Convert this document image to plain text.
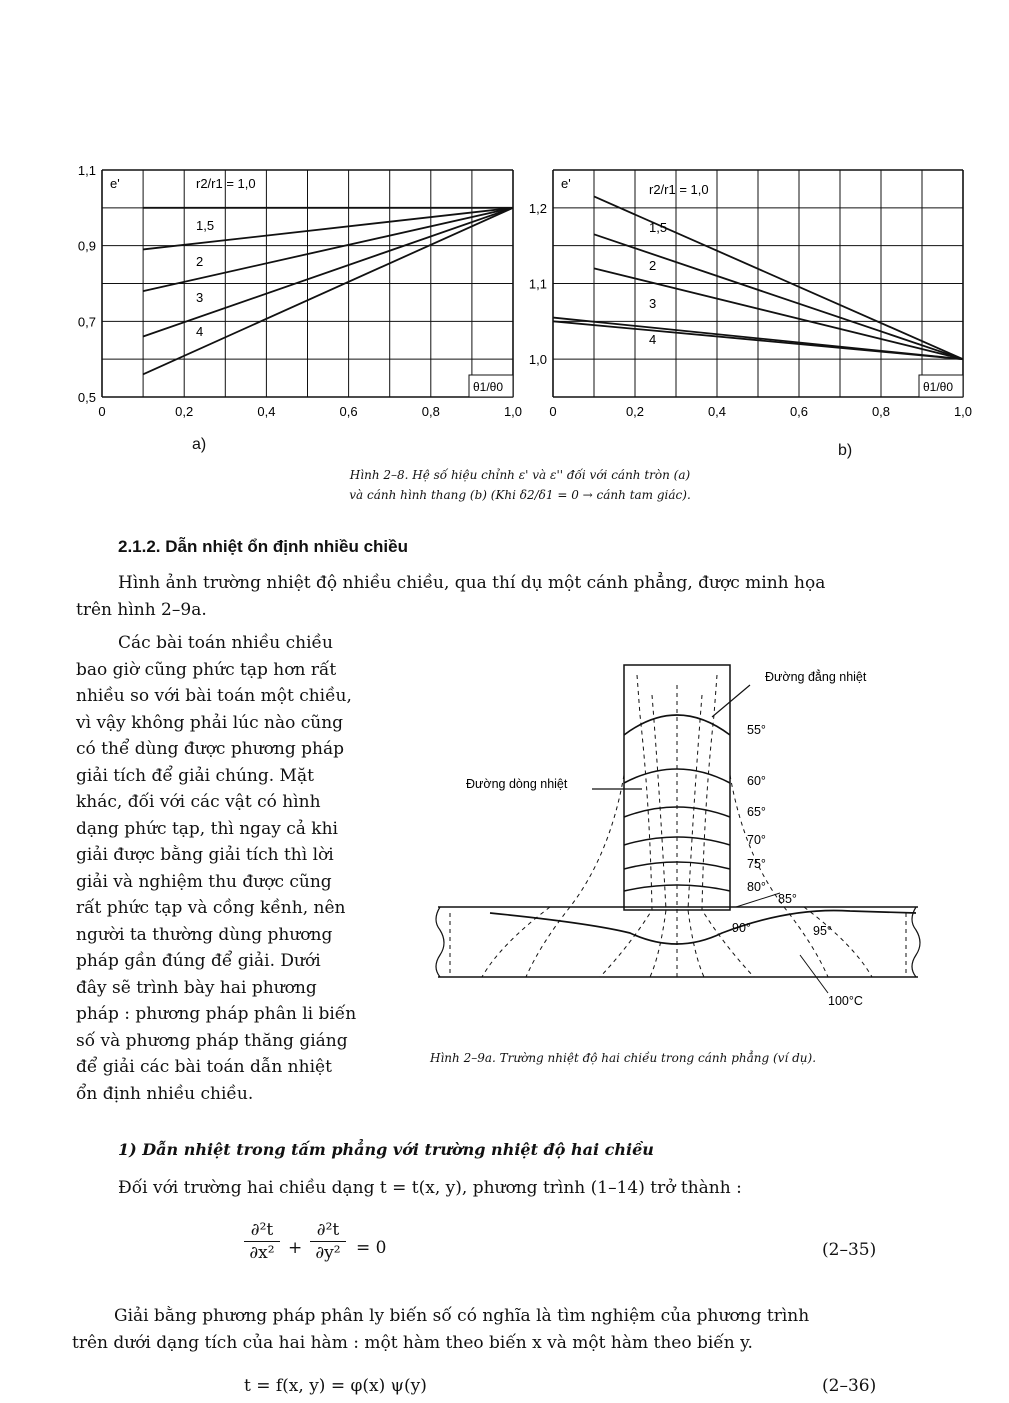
0	0,2	0,4	0,6	0,8	1,0
0,5
0,7
0,9
1,1
e'
θ1/θ0
r2/r1 = 1,0
1,5
2
3
4
0	0,2	0,4	0,6	0,8	1,0
1,0
1,1
1,2
e'
θ1/θ0
r2/r1 = 1,0
1,5
2
3
4
a)	b)
Hình 2–8. Hệ số hiệu chỉnh ε' và ε'' đối với cánh tròn (a)
và cánh hình thang (b) (Khi δ2/δ1 = 0 → cánh tam giác).
2.1.2. Dẫn nhiệt ổn định nhiều chiều
Hình ảnh trường nhiệt độ nhiều chiều, qua thí dụ một cánh phẳng, được minh họa
trên hình 2–9a.
Các bài toán nhiều chiều
bao giờ cũng phức tạp hơn rất
nhiều so với bài toán một chiều,
vì vậy không phải lúc nào cũng
có thể dùng được phương pháp
giải tích để giải chúng. Mặt
khác, đối với các vật có hình
dạng phức tạp, thì ngay cả khi
giải được bằng giải tích thì lời
giải và nghiệm thu được cũng
rất phức tạp và cồng kềnh, nên
người ta thường dùng phương
pháp gần đúng để giải. Dưới
đây sẽ trình bày hai phương
pháp : phương pháp phân li biến
số và phương pháp thăng giáng
để giải các bài toán dẫn nhiệt
ổn định nhiều chiều.
Đường đẳng nhiệt
Đường dòng nhiệt
55°
60°
65°
70°
75°
80°
85°
90°	95°
100°C
Hình 2–9a. Trường nhiệt độ hai chiều trong cánh phẳng (ví dụ).
1) Dẫn nhiệt trong tấm phẳng với trường nhiệt độ hai chiều
Đối với trường hai chiều dạng t = t(x, y), phương trình (1–14) trở thành :
∂²t
∂x² +
∂²t
∂y² = 0	(2–35)
Giải bằng phương pháp phân ly biến số có nghĩa là tìm nghiệm của phương trình
trên dưới dạng tích của hai hàm : một hàm theo biến x và một hàm theo biến y.
t = f(x, y) = φ(x) ψ(y)	(2–36)
